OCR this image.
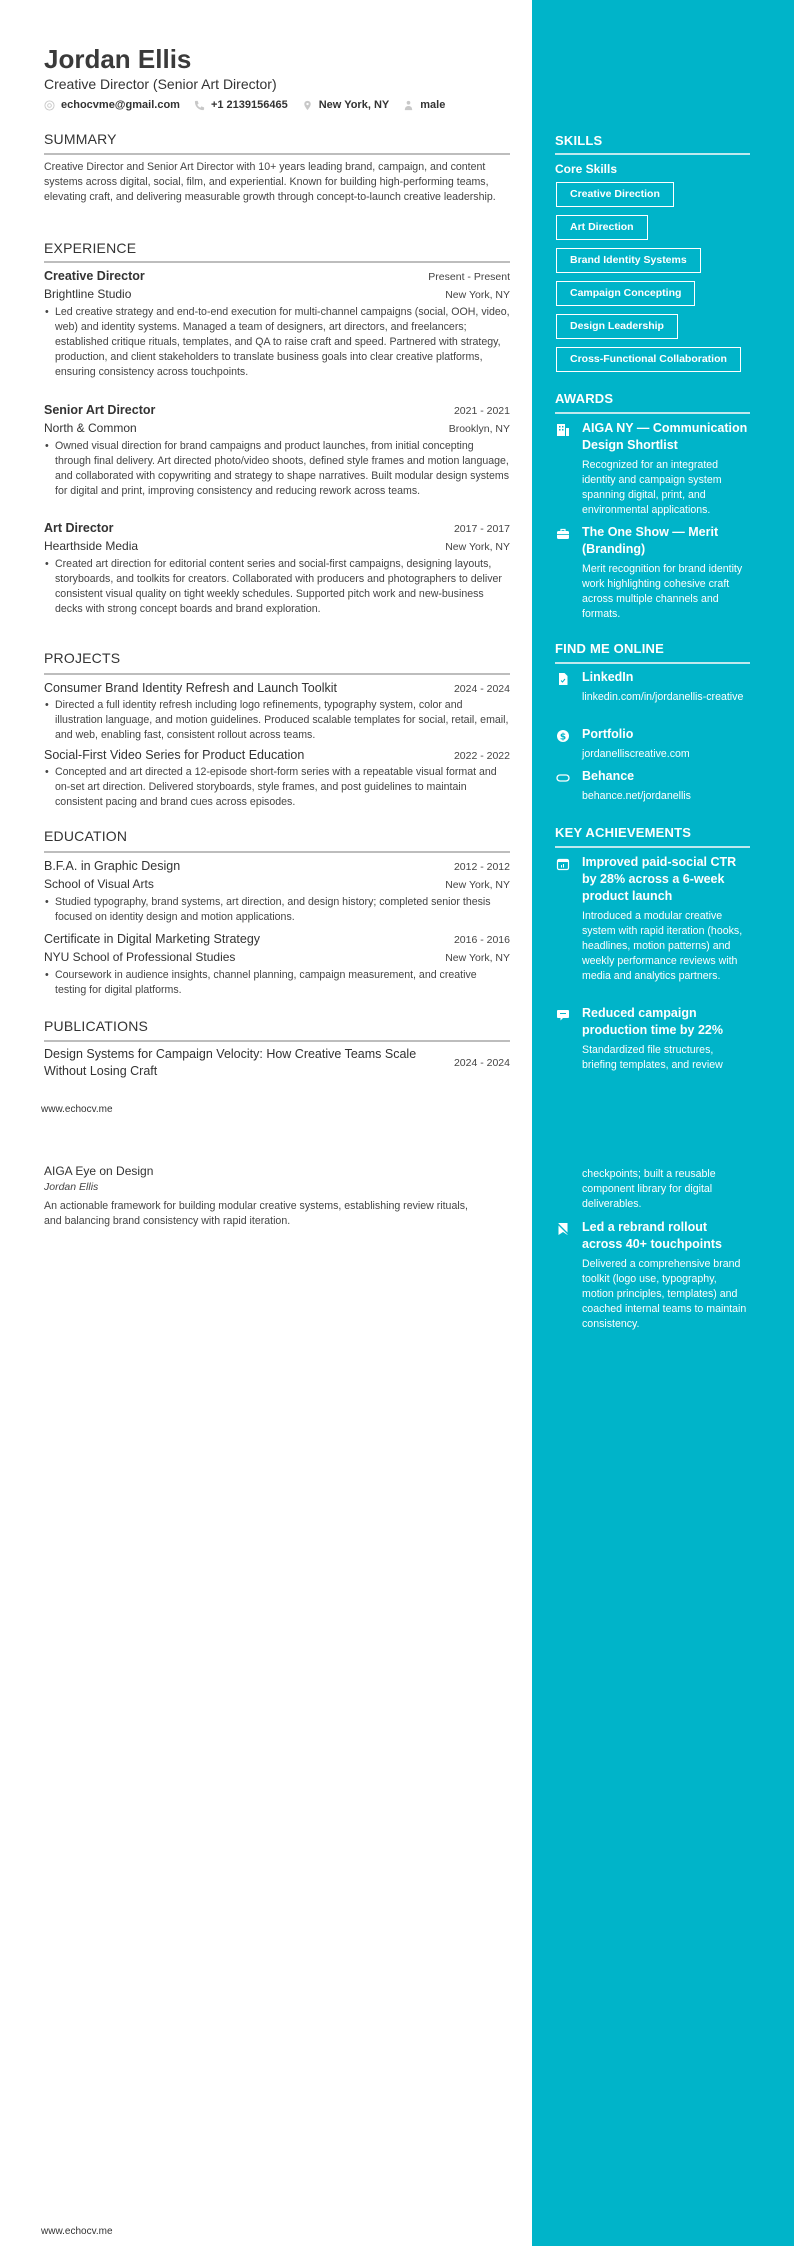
Jordan Ellis
Creative Director (Senior Art Director)
echocvme@gmail.com	+1 2139156465	New York, NY	male
SUMMARY
Creative Director and Senior Art Director with 10+ years leading brand, campaign, and content systems across digital, social, film, and experiential. Known for building high-performing teams, elevating craft, and delivering measurable growth through concept-to-launch creative leadership.
EXPERIENCE
Creative Director	Present - Present
Brightline Studio	New York, NY
• Led creative strategy and end-to-end execution for multi-channel campaigns (social, OOH, video, web) and identity systems. Managed a team of designers, art directors, and freelancers; established critique rituals, templates, and QA to raise craft and speed. Partnered with strategy, production, and client stakeholders to translate business goals into clear creative platforms, ensuring consistency across touchpoints.
Senior Art Director	2021 - 2021
North & Common	Brooklyn, NY
• Owned visual direction for brand campaigns and product launches, from initial concepting through final delivery. Art directed photo/video shoots, defined style frames and motion language, and collaborated with copywriting and strategy to shape narratives. Built modular design systems for digital and print, improving consistency and reducing rework across teams.
Art Director	2017 - 2017
Hearthside Media	New York, NY
• Created art direction for editorial content series and social-first campaigns, designing layouts, storyboards, and toolkits for creators. Collaborated with producers and photographers to deliver consistent visual quality on tight weekly schedules. Supported pitch work and new-business decks with strong concept boards and brand exploration.
PROJECTS
Consumer Brand Identity Refresh and Launch Toolkit	2024 - 2024
• Directed a full identity refresh including logo refinements, typography system, color and illustration language, and motion guidelines. Produced scalable templates for social, retail, email, and web, enabling fast, consistent rollout across teams.
Social-First Video Series for Product Education	2022 - 2022
• Concepted and art directed a 12-episode short-form series with a repeatable visual format and on-set art direction. Delivered storyboards, style frames, and post guidelines to maintain consistent pacing and brand cues across episodes.
EDUCATION
B.F.A. in Graphic Design	2012 - 2012
School of Visual Arts	New York, NY
• Studied typography, brand systems, art direction, and design history; completed senior thesis focused on identity design and motion applications.
Certificate in Digital Marketing Strategy	2016 - 2016
NYU School of Professional Studies	New York, NY
• Coursework in audience insights, channel planning, campaign measurement, and creative testing for digital platforms.
PUBLICATIONS
Design Systems for Campaign Velocity: How Creative Teams Scale Without Losing Craft
2024 - 2024
AIGA Eye on Design
Jordan Ellis
An actionable framework for building modular creative systems, establishing review rituals, and balancing brand consistency with rapid iteration.
www.echocv.me
www.echocv.me
SKILLS
Core Skills
Creative Direction
Art Direction
Brand Identity Systems
Campaign Concepting
Design Leadership
Cross-Functional Collaboration
AWARDS
AIGA NY — Communication Design Shortlist
Recognized for an integrated identity and campaign system spanning digital, print, and environmental applications.
The One Show — Merit (Branding)
Merit recognition for brand identity work highlighting cohesive craft across multiple channels and formats.
FIND ME ONLINE
LinkedIn
linkedin.com/in/jordanellis-creative
$ Portfolio
jordanelliscreative.com
Behance
behance.net/jordanellis
KEY ACHIEVEMENTS
Improved paid-social CTR by 28% across a 6-week product launch
Introduced a modular creative system with rapid iteration (hooks, headlines, motion patterns) and weekly performance reviews with media and analytics partners.
Reduced campaign production time by 22%
Standardized file structures, briefing templates, and review
checkpoints; built a reusable component library for digital deliverables.
Led a rebrand rollout across 40+ touchpoints
Delivered a comprehensive brand toolkit (logo use, typography, motion principles, templates) and coached internal teams to maintain consistency.
